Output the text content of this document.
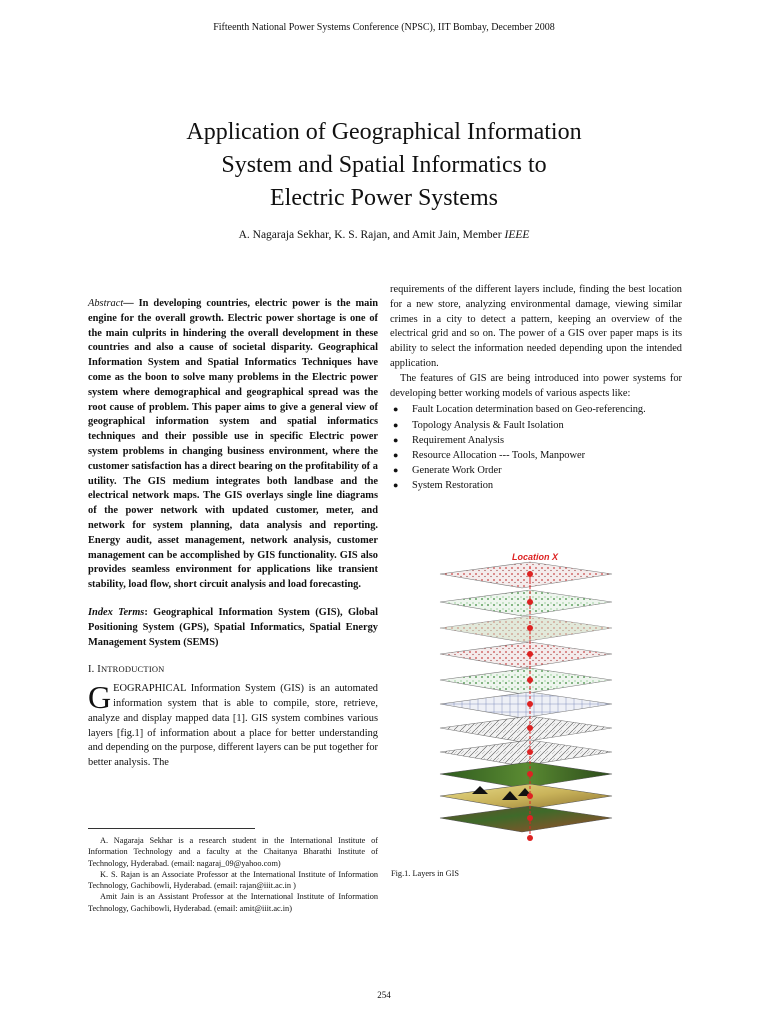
Fifteenth National Power Systems Conference (NPSC), IIT Bombay, December 2008
Application of Geographical Information
System and Spatial Informatics to
Electric Power Systems
A. Nagaraja Sekhar, K. S. Rajan, and Amit Jain, Member IEEE

Abstract— In developing countries, electric power is the main engine for the overall growth. Electric power shortage is one of the main culprits in hindering the overall development in these countries and also a cause of societal disparity. Geographical Information System and Spatial Informatics Techniques have come as the boon to solve many problems in the Electric power system where demographical and geographical spread was the root cause of problem. This paper aims to give a general view of geographical information system and spatial informatics techniques and their possible use in specific Electric power system problems in changing business environment, where the customer satisfaction has a direct bearing on the profitability of a utility. The GIS medium integrates both landbase and the electrical network maps. The GIS overlays single line diagrams of the power network with updated customer, meter, and network for system planning, data analysis and reporting. Energy audit, asset management, network analysis, customer management can be accomplished by GIS functionality. GIS also provides seamless environment for applications like transient stability, load flow, short circuit analysis and load forecasting.

Index Terms: Geographical Information System (GIS), Global Positioning System (GPS), Spatial Informatics, Spatial Energy Management System (SEMS)

I. INTRODUCTION

GEOGRAPHICAL Information System (GIS) is an automated information system that is able to compile, store, retrieve, analyze and display mapped data [1]. GIS system combines various layers [fig.1] of information about a place for better understanding and depending on the purpose, different layers can be put together for better analysis. The

requirements of the different layers include, finding the best location for a new store, analyzing environmental damage, viewing similar crimes in a city to detect a pattern, keeping an overview of the electrical grid and so on. The power of a GIS over paper maps is its ability to select the information needed depending upon the intended application.

The features of GIS are being introduced into power systems for developing better working models of various aspects like:

● Fault Location determination based on Geo-referencing.
● Topology Analysis & Fault Isolation
● Requirement Analysis
● Resource Allocation --- Tools, Manpower
● Generate Work Order
● System Restoration
Location X
Fig.1. Layers in GIS

A. Nagaraja Sekhar is a research student in the International Institute of Information Technology and a faculty at the Chaitanya Bharathi Institute of Technology, Hyderabad. (email: nagaraj_09@yahoo.com)

K. S. Rajan is an Associate Professor at the International Institute of Information Technology, Gachibowli, Hyderabad. (email: rajan@iiit.ac.in )

Amit Jain is an Assistant Professor at the International Institute of Information Technology, Gachibowli, Hyderabad. (email: amit@iiit.ac.in)

254
